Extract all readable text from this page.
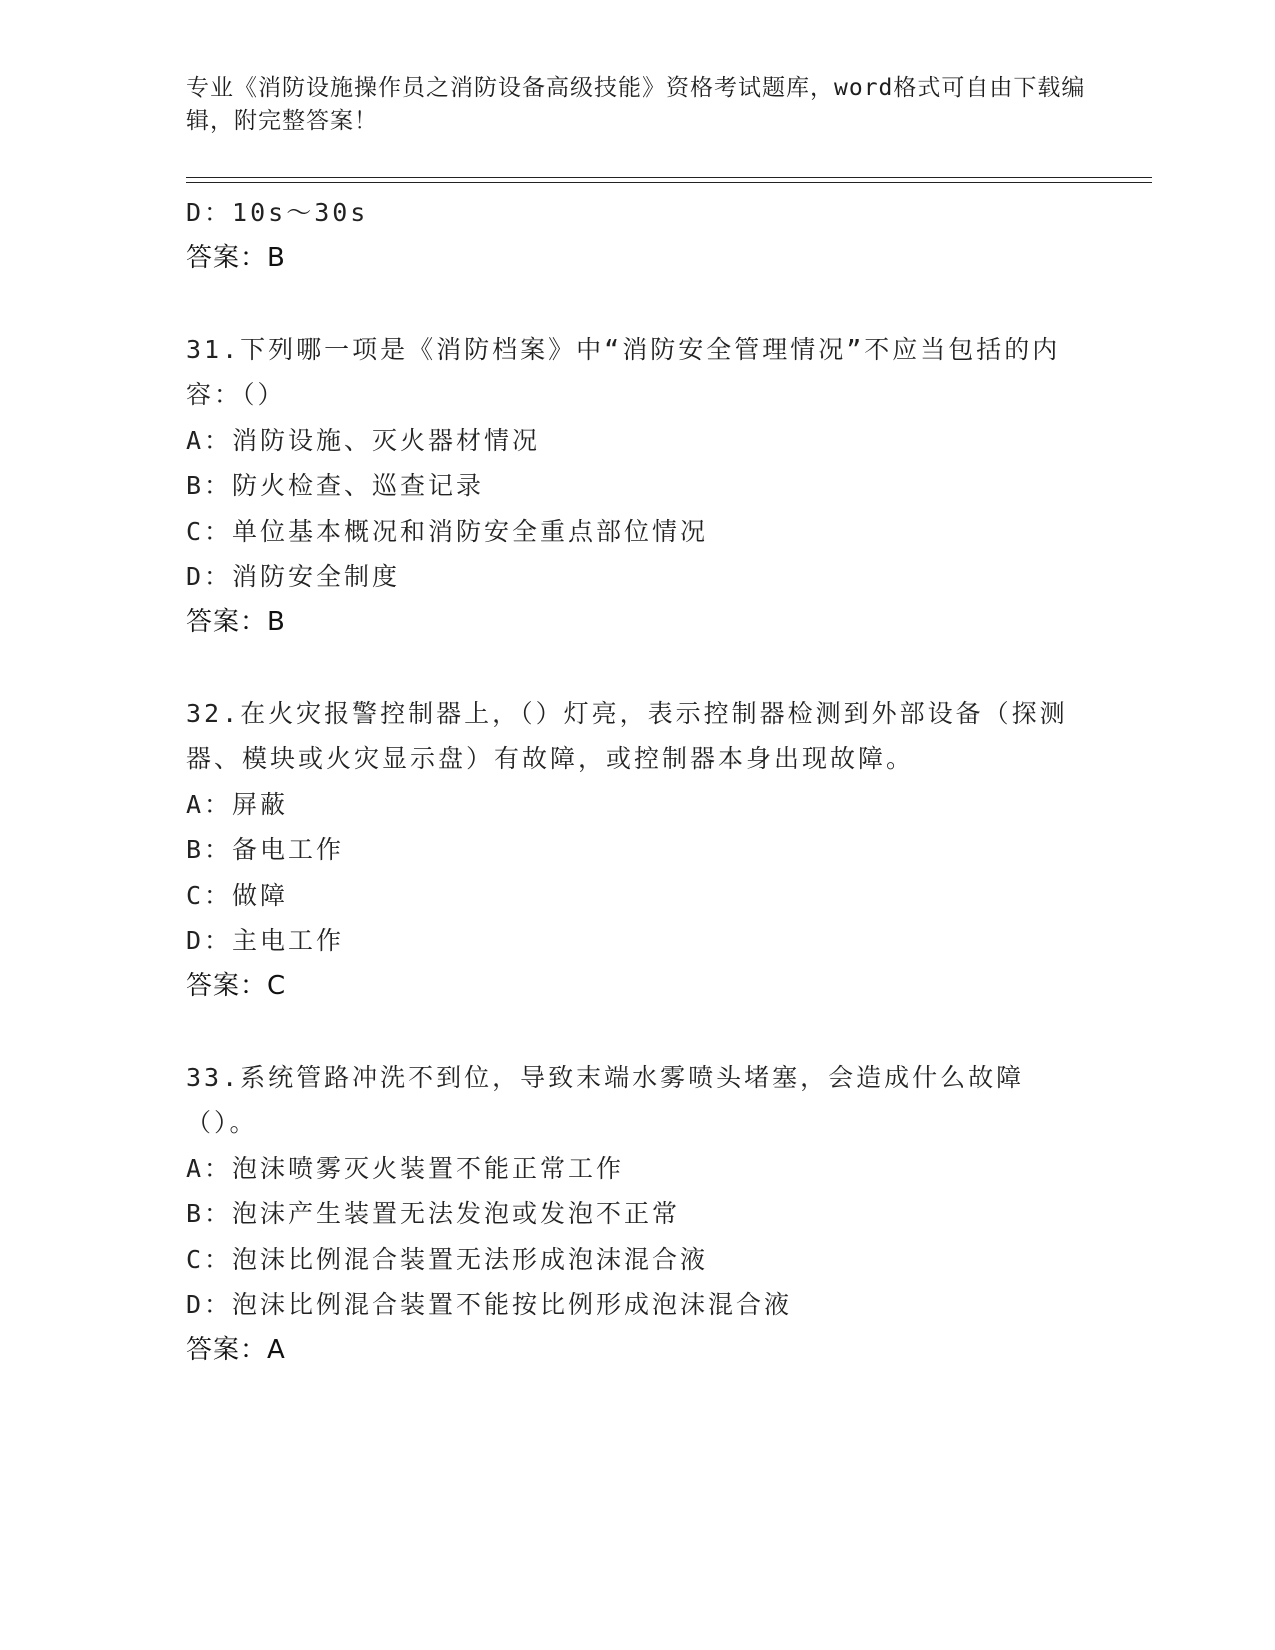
专业《消防设施操作员之消防设备高级技能》资格考试题库，word格式可自由下载编辑，附完整答案！
D：10s～30s
答案：B
31.下列哪一项是《消防档案》中“消防安全管理情况”不应当包括的内容：（）
A：消防设施、灭火器材情况
B：防火检查、巡查记录
C：单位基本概况和消防安全重点部位情况
D：消防安全制度
答案：B
32.在火灾报警控制器上，（）灯亮，表示控制器检测到外部设备（探测器、模块或火灾显示盘）有故障，或控制器本身出现故障。
A：屏蔽
B：备电工作
C：做障
D：主电工作
答案：C
33.系统管路冲洗不到位，导致末端水雾喷头堵塞，会造成什么故障（）。
A：泡沫喷雾灭火装置不能正常工作
B：泡沫产生装置无法发泡或发泡不正常
C：泡沫比例混合装置无法形成泡沫混合液
D：泡沫比例混合装置不能按比例形成泡沫混合液
答案：A
